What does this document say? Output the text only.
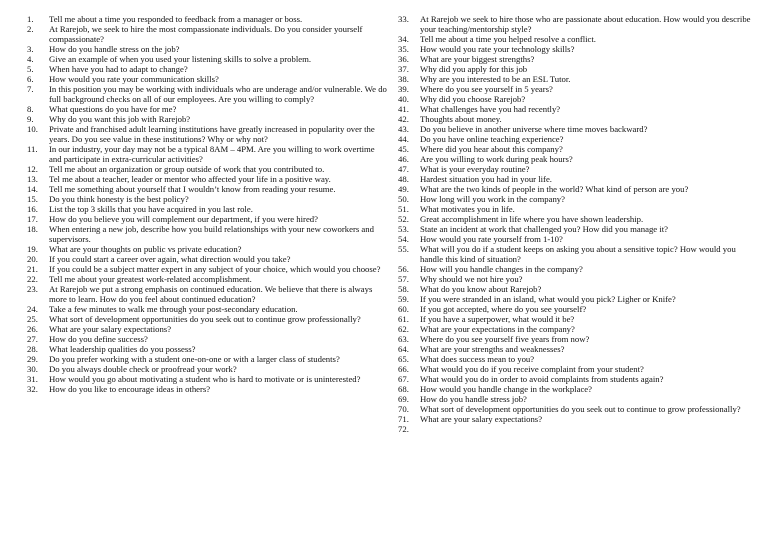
1.	Tell me about a time you responded to feedback from a manager or boss.
2.	At Rarejob, we seek to hire the most compassionate individuals. Do you consider yourself compassionate?
3.	How do you handle stress on the job?
4.	Give an example of when you used your listening skills to solve a problem.
5.	When have you had to adapt to change?
6.	How would you rate your communication skills?
7.	In this position you may be working with individuals who are underage and/or vulnerable. We do full background checks on all of our employees. Are you willing to comply?
8.	What questions do you have for me?
9.	Why do you want this job with Rarejob?
10.	Private and franchised adult learning institutions have greatly increased in popularity over the years. Do you see value in these institutions? Why or why not?
11.	In our industry, your day may not be a typical 8AM – 4PM. Are you willing to work overtime and participate in extra-curricular activities?
12.	Tell me about an organization or group outside of work that you contributed to.
13.	Tel me about a teacher, leader or mentor who affected your life in a positive way.
14.	Tell me something about yourself that I wouldn’t know from reading your resume.
15.	Do you think honesty is the best policy?
16.	List the top 3 skills that you have acquired in you last role.
17.	How do you believe you will complement our department, if you were hired?
18.	When entering a new job, describe how you build relationships with your new coworkers and supervisors.
19.	What are your thoughts on public vs private education?
20.	If you could start a career over again, what direction would you take?
21.	If you could be a subject matter expert in any subject of your choice, which would you choose?
22.	Tell me about your greatest work-related accomplishment.
23.	At Rarejob we put a strong emphasis on continued education. We believe that there is always more to learn. How do you feel about continued education?
24.	Take a few minutes to walk me through your post-secondary education.
25.	What sort of development opportunities do you seek out to continue grow professionally?
26.	What are your salary expectations?
27.	How do you define success?
28.	What leadership qualities do you possess?
29.	Do you prefer working with a student one-on-one or with a larger class of students?
30.	Do you always double check or proofread your work?
31.	How would you go about motivating a student who is hard to motivate or is uninterested?
32.	How do you like to encourage ideas in others?
33.	At Rarejob we seek to hire those who are passionate about education. How would you describe your teaching/mentorship style?
34.	Tell me about a time you helped resolve a conflict.
35.	How would you rate your technology skills?
36.	What are your biggest strengths?
37.	Why did you apply for this job
38.	Why are you interested to be an ESL Tutor.
39.	Where do you see yourself in 5 years?
40.	Why did you choose Rarejob?
41.	What challenges have you had recently?
42.	Thoughts about money.
43.	Do you believe in another universe where time moves backward?
44.	Do you have online teaching experience?
45.	Where did you hear about this company?
46.	Are you willing to work during peak hours?
47.	What is your everyday routine?
48.	Hardest situation you had in your life.
49.	What are the two kinds of people in the world? What kind of person are you?
50.	How long will you work in the company?
51.	What motivates you in life.
52.	Great accomplishment in life where you have shown leadership.
53.	State an incident at work that challenged you? How did you manage it?
54.	How would you rate yourself from 1-10?
55.	What will you do if a student keeps on asking you about a sensitive topic? How would you handle this kind of situation?
56.	How will you handle changes in the company?
57.	Why should we not hire you?
58.	What do you know about Rarejob?
59.	If you were stranded in an island, what would you pick? Ligher or Knife?
60.	If you got accepted, where do you see yourself?
61.	If you have a superpower, what would it be?
62.	What are your expectations in the company?
63.	Where do you see yourself five years from now?
64.	What are your strengths and weaknesses?
65.	What does success mean to you?
66.	What would you do if you receive complaint from your student?
67.	What would you do in order to avoid complaints from students again?
68.	How would you handle change in the workplace?
69.	How do you handle stress job?
70.	What sort of development opportunities do you seek out to continue to grow professionally?
71.	What are your salary expectations?
72.
